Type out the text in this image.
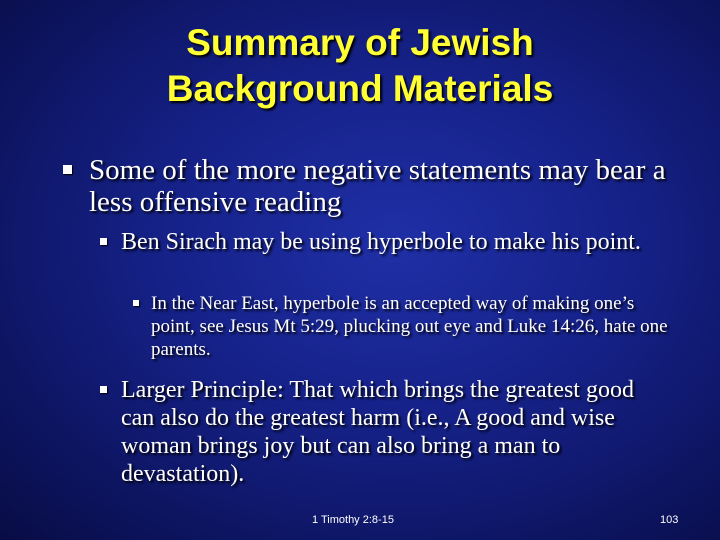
Summary of Jewish
Background Materials
Some of the more negative statements may bear a less offensive reading
Ben Sirach may be using hyperbole to make his point.
In the Near East, hyperbole is an accepted way of making one’s point, see Jesus Mt 5:29, plucking out eye and Luke 14:26, hate one parents.
Larger Principle: That which brings the greatest good can also do the greatest harm (i.e., A good and wise woman brings joy but can also bring a man to devastation).
1 Timothy 2:8-15	103
